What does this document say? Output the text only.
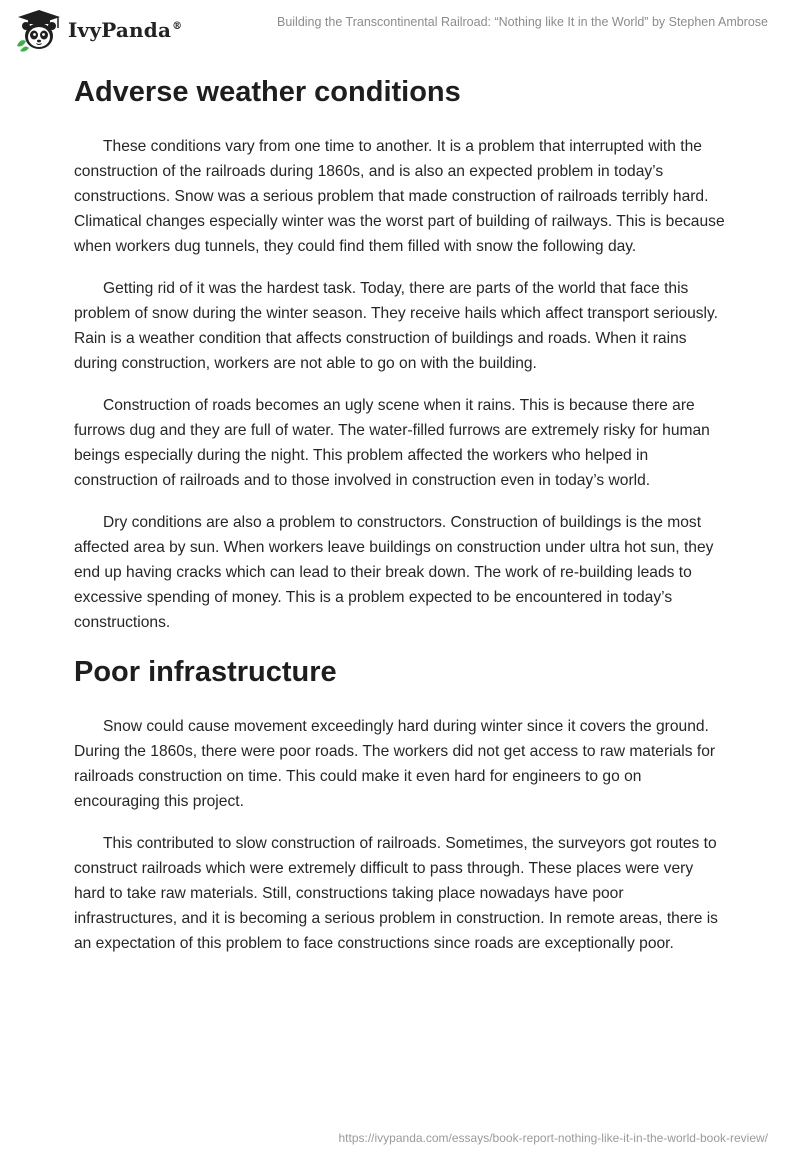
IvyPanda®	Building the Transcontinental Railroad: “Nothing like It in the World” by Stephen Ambrose
Adverse weather conditions

These conditions vary from one time to another. It is a problem that interrupted with the construction of the railroads during 1860s, and is also an expected problem in today’s constructions. Snow was a serious problem that made construction of railroads terribly hard. Climatical changes especially winter was the worst part of building of railways. This is because when workers dug tunnels, they could find them filled with snow the following day.

Getting rid of it was the hardest task. Today, there are parts of the world that face this problem of snow during the winter season. They receive hails which affect transport seriously. Rain is a weather condition that affects construction of buildings and roads. When it rains during construction, workers are not able to go on with the building.

Construction of roads becomes an ugly scene when it rains. This is because there are furrows dug and they are full of water. The water-filled furrows are extremely risky for human beings especially during the night. This problem affected the workers who helped in construction of railroads and to those involved in construction even in today’s world.

Dry conditions are also a problem to constructors. Construction of buildings is the most affected area by sun. When workers leave buildings on construction under ultra hot sun, they end up having cracks which can lead to their break down. The work of re-building leads to excessive spending of money. This is a problem expected to be encountered in today’s constructions.

Poor infrastructure

Snow could cause movement exceedingly hard during winter since it covers the ground. During the 1860s, there were poor roads. The workers did not get access to raw materials for railroads construction on time. This could make it even hard for engineers to go on encouraging this project.

This contributed to slow construction of railroads. Sometimes, the surveyors got routes to construct railroads which were extremely difficult to pass through. These places were very hard to take raw materials. Still, constructions taking place nowadays have poor infrastructures, and it is becoming a serious problem in construction. In remote areas, there is an expectation of this problem to face constructions since roads are exceptionally poor.

https://ivypanda.com/essays/book-report-nothing-like-it-in-the-world-book-review/
